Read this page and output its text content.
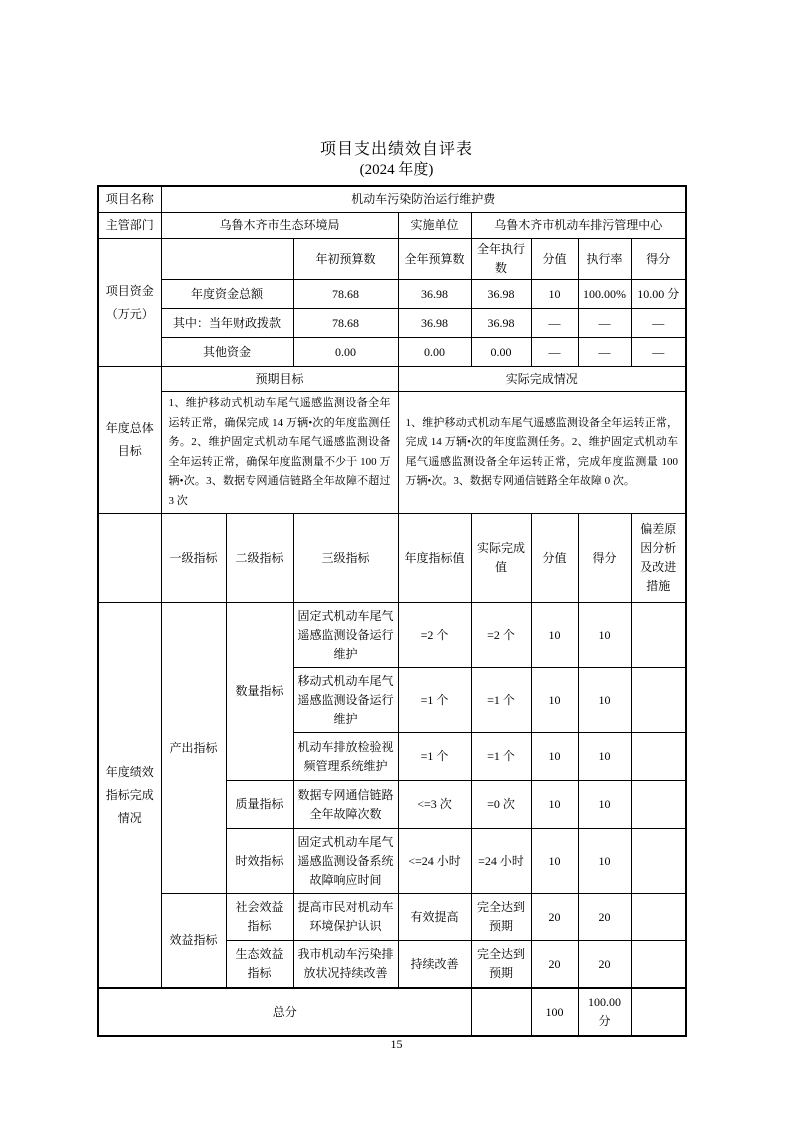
项目支出绩效自评表
(2024 年度)
项目名称	机动车污染防治运行维护费							
主管部门	乌鲁木齐市生态环境局			实施单位	乌鲁木齐市机动车排污管理中心			
项目资金（万元）			年初预算数	全年预算数	全年执行数	分值	执行率	得分
	年度资金总额		78.68	36.98	36.98	10	100.00%	10.00 分
	其中：当年财政拨款		78.68	36.98	36.98	—	—	—
	其他资金		0.00	0.00	0.00	—	—	—
年度总体目标	预期目标			实际完成情况				
	1、维护移动式机动车尾气遥感监测设备全年运转正常，确保完成 14 万辆•次的年度监测任务。2、维护固定式机动车尾气遥感监测设备全年运转正常，确保年度监测量不少于 100 万辆•次。3、数据专网通信链路全年故障不超过 3 次			1、维护移动式机动车尾气遥感监测设备全年运转正常，完成 14 万辆•次的年度监测任务。2、维护固定式机动车尾气遥感监测设备全年运转正常，完成年度监测量 100 万辆•次。3、数据专网通信链路全年故障 0 次。				
	一级指标	二级指标	三级指标	年度指标值	实际完成值	分值	得分	偏差原因分析及改进措施
年度绩效指标完成情况	产出指标	数量指标	固定式机动车尾气遥感监测设备运行维护	=2 个	=2 个	10	10	
			移动式机动车尾气遥感监测设备运行维护	=1 个	=1 个	10	10	
			机动车排放检验视频管理系统维护	=1 个	=1 个	10	10	
		质量指标	数据专网通信链路全年故障次数	<=3 次	=0 次	10	10	
		时效指标	固定式机动车尾气遥感监测设备系统故障响应时间	<=24 小时	=24 小时	10	10	
	效益指标	社会效益指标	提高市民对机动车环境保护认识	有效提高	完全达到预期	20	20	
		生态效益指标	我市机动车污染排放状况持续改善	持续改善	完全达到预期	20	20	
总分						100	100.00 分	
15
